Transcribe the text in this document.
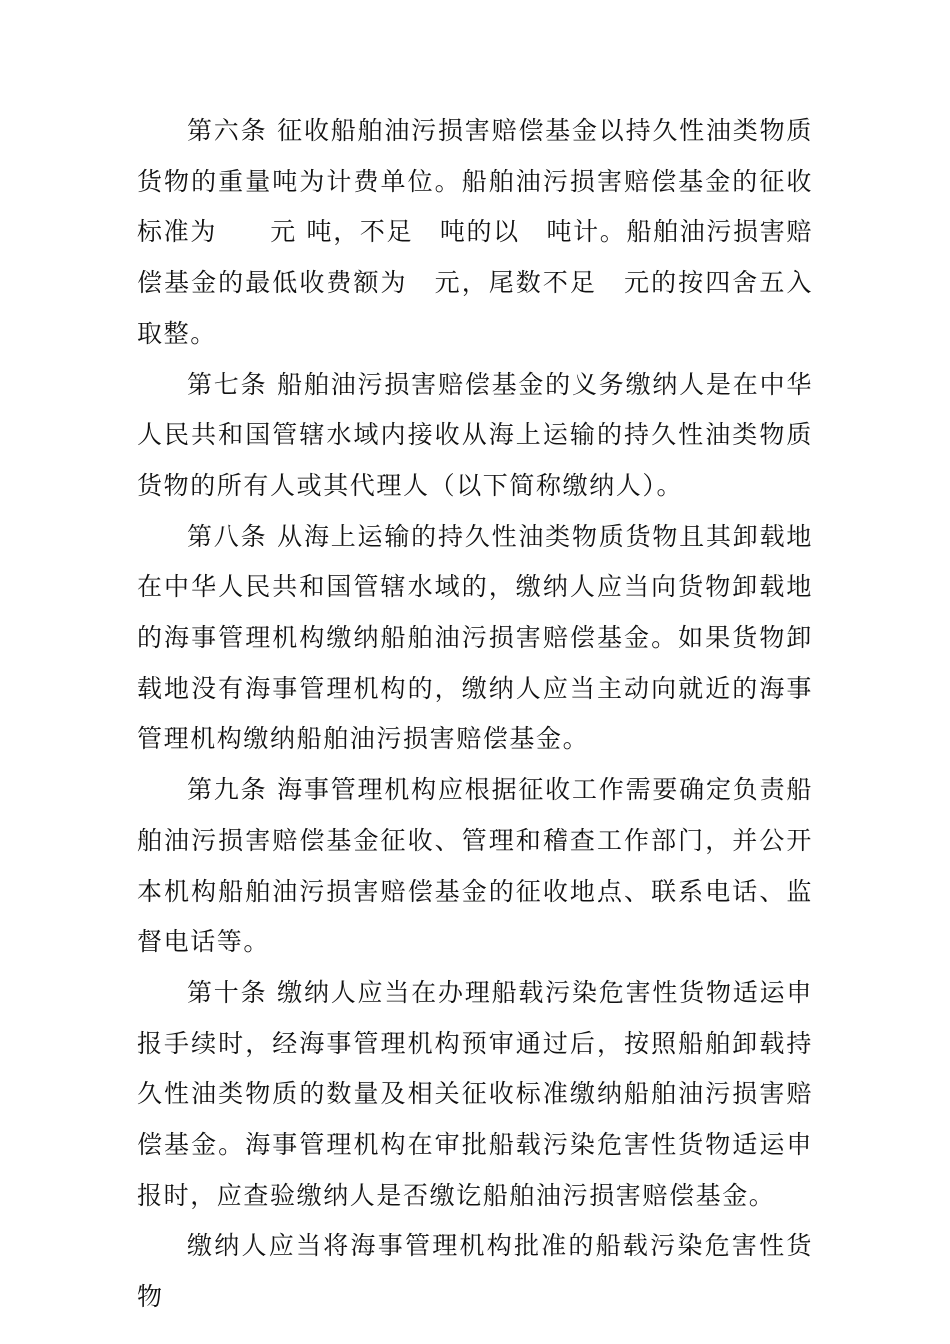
第六条 征收船舶油污损害赔偿基金以持久性油类物质货物的重量吨为计费单位。船舶油污损害赔偿基金的征收标准为　　元 吨，不足　吨的以　吨计。船舶油污损害赔偿基金的最低收费额为　元，尾数不足　元的按四舍五入取整。

第七条 船舶油污损害赔偿基金的义务缴纳人是在中华人民共和国管辖水域内接收从海上运输的持久性油类物质货物的所有人或其代理人（以下简称缴纳人）。

第八条 从海上运输的持久性油类物质货物且其卸载地在中华人民共和国管辖水域的，缴纳人应当向货物卸载地的海事管理机构缴纳船舶油污损害赔偿基金。如果货物卸载地没有海事管理机构的，缴纳人应当主动向就近的海事管理机构缴纳船舶油污损害赔偿基金。

第九条 海事管理机构应根据征收工作需要确定负责船舶油污损害赔偿基金征收、管理和稽查工作部门，并公开本机构船舶油污损害赔偿基金的征收地点、联系电话、监督电话等。

第十条 缴纳人应当在办理船载污染危害性货物适运申报手续时，经海事管理机构预审通过后，按照船舶卸载持久性油类物质的数量及相关征收标准缴纳船舶油污损害赔偿基金。海事管理机构在审批船载污染危害性货物适运申报时，应查验缴纳人是否缴讫船舶油污损害赔偿基金。

缴纳人应当将海事管理机构批准的船载污染危害性货物
